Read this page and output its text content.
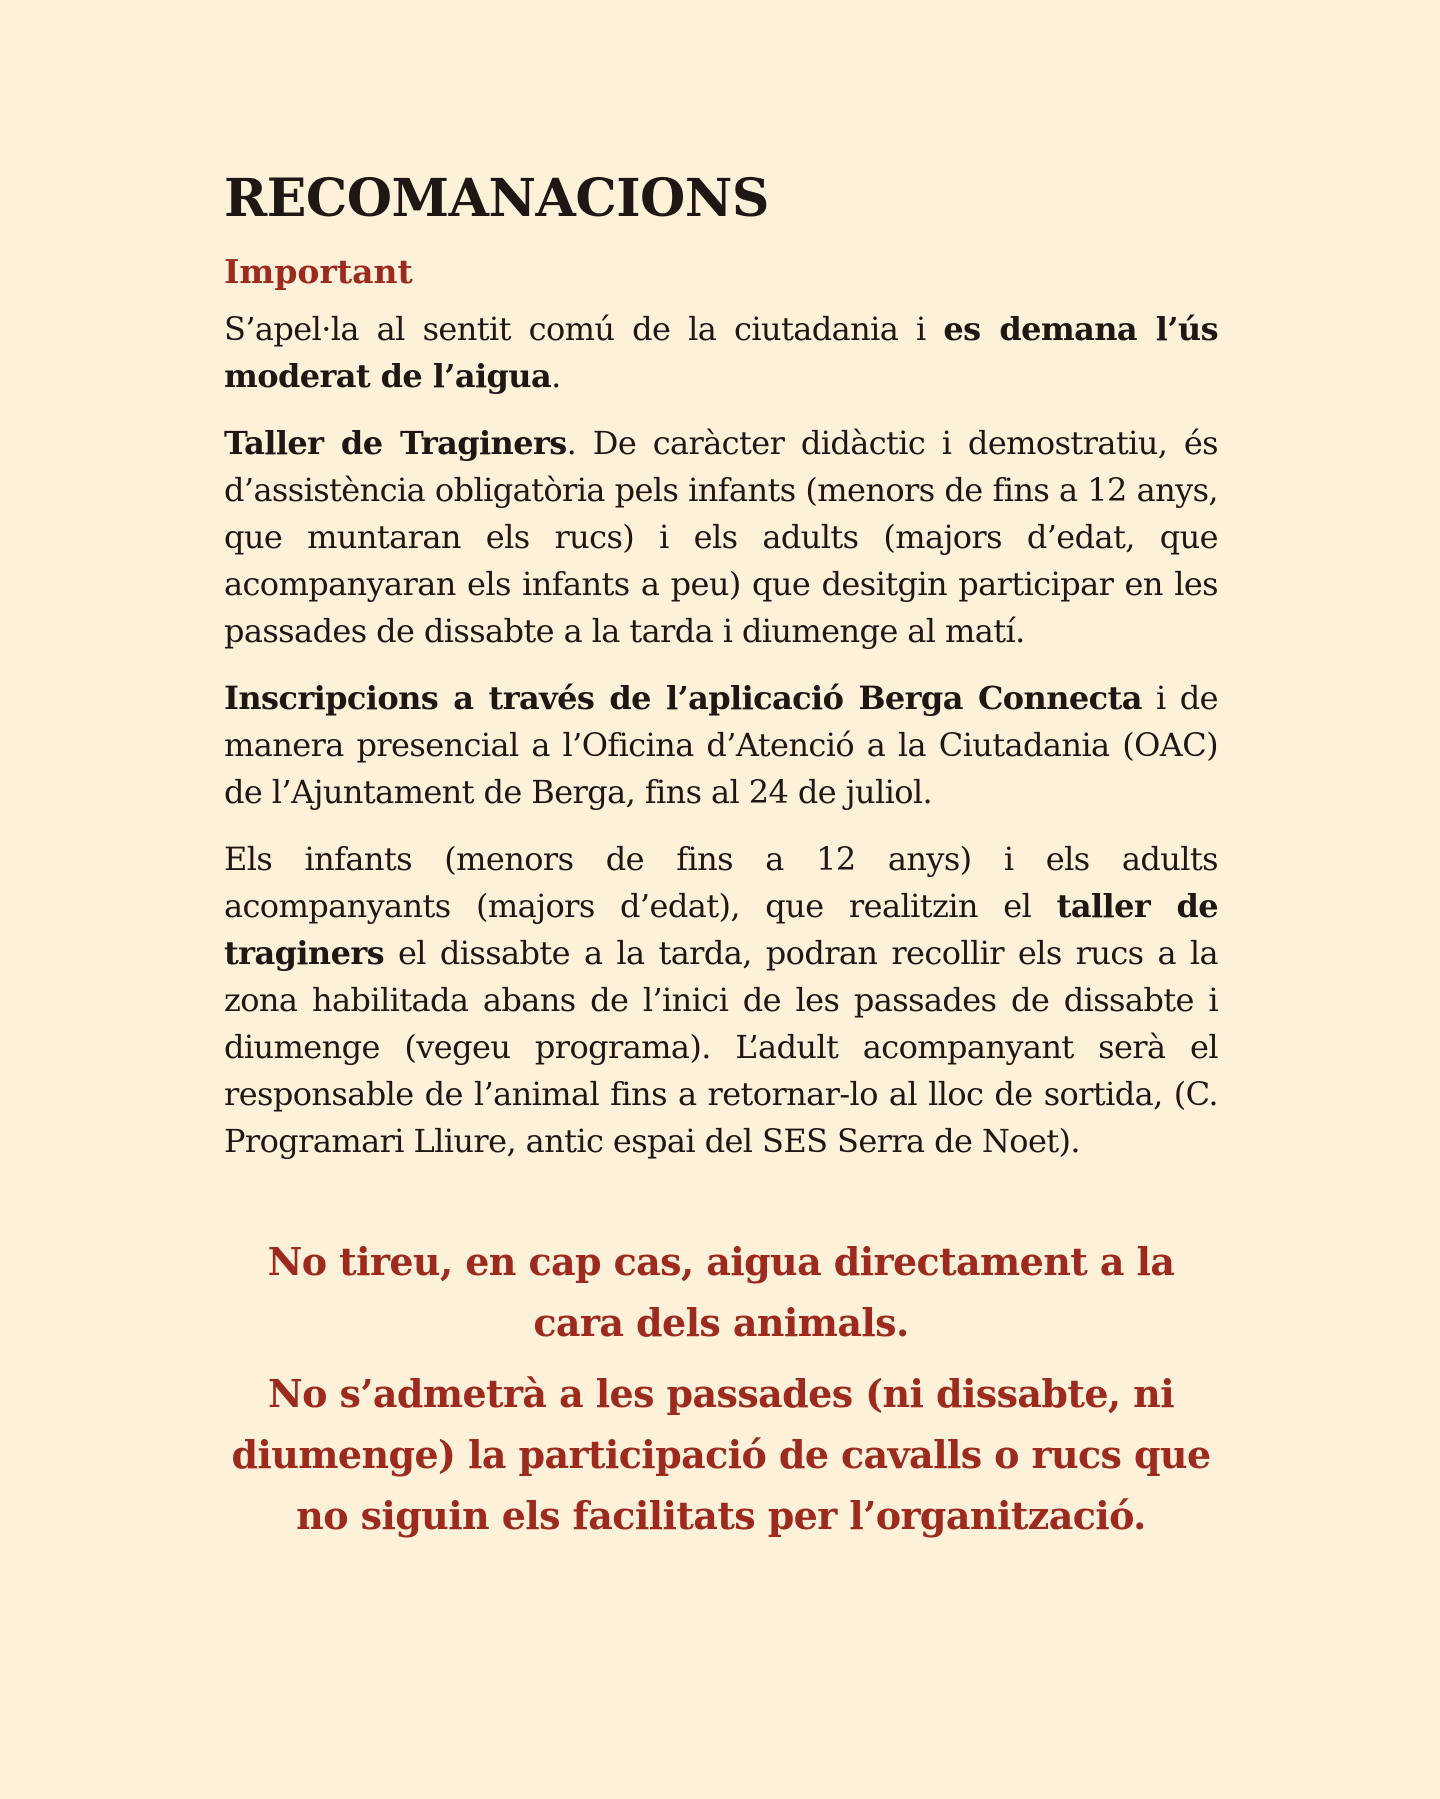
RECOMANACIONS
Important

S’apel·la al sentit comú de la ciutadania i es demana l’ús moderat de l’aigua.

Taller de Traginers. De caràcter didàctic i demostratiu, és d’assistència obligatòria pels infants (menors de fins a 12 anys, que muntaran els rucs) i els adults (majors d’edat, que acompanyaran els infants a peu) que desitgin participar en les passades de dissabte a la tarda i diumenge al matí.

Inscripcions a través de l’aplicació Berga Connecta i de manera presencial a l’Oficina d’Atenció a la Ciutadania (OAC) de l’Ajuntament de Berga, fins al 24 de juliol.

Els infants (menors de fins a 12 anys) i els adults acompanyants (majors d’edat), que realitzin el taller de traginers el dissabte a la tarda, podran recollir els rucs a la zona habilitada abans de l’inici de les passades de dissabte i diumenge (vegeu programa). L’adult acompanyant serà el responsable de l’animal fins a retornar-lo al lloc de sortida, (C. Programari Lliure, antic espai del SES Serra de Noet).

No tireu, en cap cas, aigua directament a la cara dels animals.

No s’admetrà a les passades (ni dissabte, ni diumenge) la participació de cavalls o rucs que no siguin els facilitats per l’organització.
